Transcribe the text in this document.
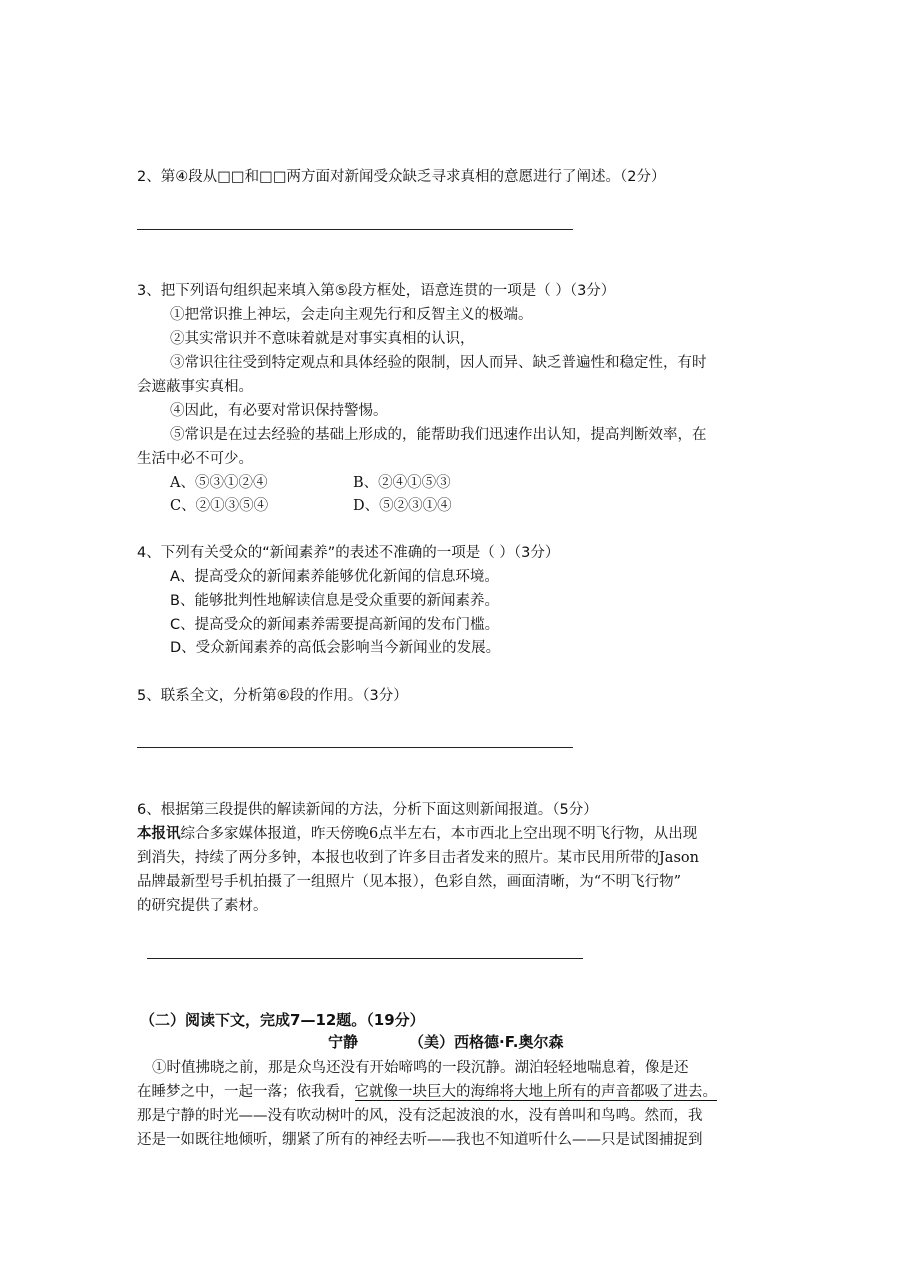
2、第④段从□□和□□两方面对新闻受众缺乏寻求真相的意愿进行了阐述。（2分）
3、把下列语句组织起来填入第⑤段方框处，语意连贯的一项是（ ）（3分）
①把常识推上神坛，会走向主观先行和反智主义的极端。
②其实常识并不意味着就是对事实真相的认识，
③常识往往受到特定观点和具体经验的限制，因人而异、缺乏普遍性和稳定性，有时
会遮蔽事实真相。
④因此，有必要对常识保持警惕。
⑤常识是在过去经验的基础上形成的，能帮助我们迅速作出认知，提高判断效率，在
生活中必不可少。
A、⑤③①②④	B、②④①⑤③
C、②①③⑤④	D、⑤②③①④
4、下列有关受众的“新闻素养”的表述不准确的一项是（ ）（3分）
A、提高受众的新闻素养能够优化新闻的信息环境。
B、能够批判性地解读信息是受众重要的新闻素养。
C、提高受众的新闻素养需要提高新闻的发布门槛。
D、受众新闻素养的高低会影响当今新闻业的发展。
5、联系全文，分析第⑥段的作用。（3分）
6、根据第三段提供的解读新闻的方法，分析下面这则新闻报道。（5分）
本报讯综合多家媒体报道，昨天傍晚6点半左右，本市西北上空出现不明飞行物，从出现
到消失，持续了两分多钟，本报也收到了许多目击者发来的照片。某市民用所带的Jason
品牌最新型号手机拍摄了一组照片（见本报），色彩自然，画面清晰，为“不明飞行物”
的研究提供了素材。
（二）阅读下文，完成7—12题。（19分）
宁静	（美）西格德·F.奥尔森
①时值拂晓之前，那是众鸟还没有开始啼鸣的一段沉静。湖泊轻轻地喘息着，像是还
在睡梦之中，一起一落；依我看，它就像一块巨大的海绵将大地上所有的声音都吸了进去。
那是宁静的时光——没有吹动树叶的风，没有泛起波浪的水，没有兽叫和鸟鸣。然而，我
还是一如既往地倾听，绷紧了所有的神经去听——我也不知道听什么——只是试图捕捉到
